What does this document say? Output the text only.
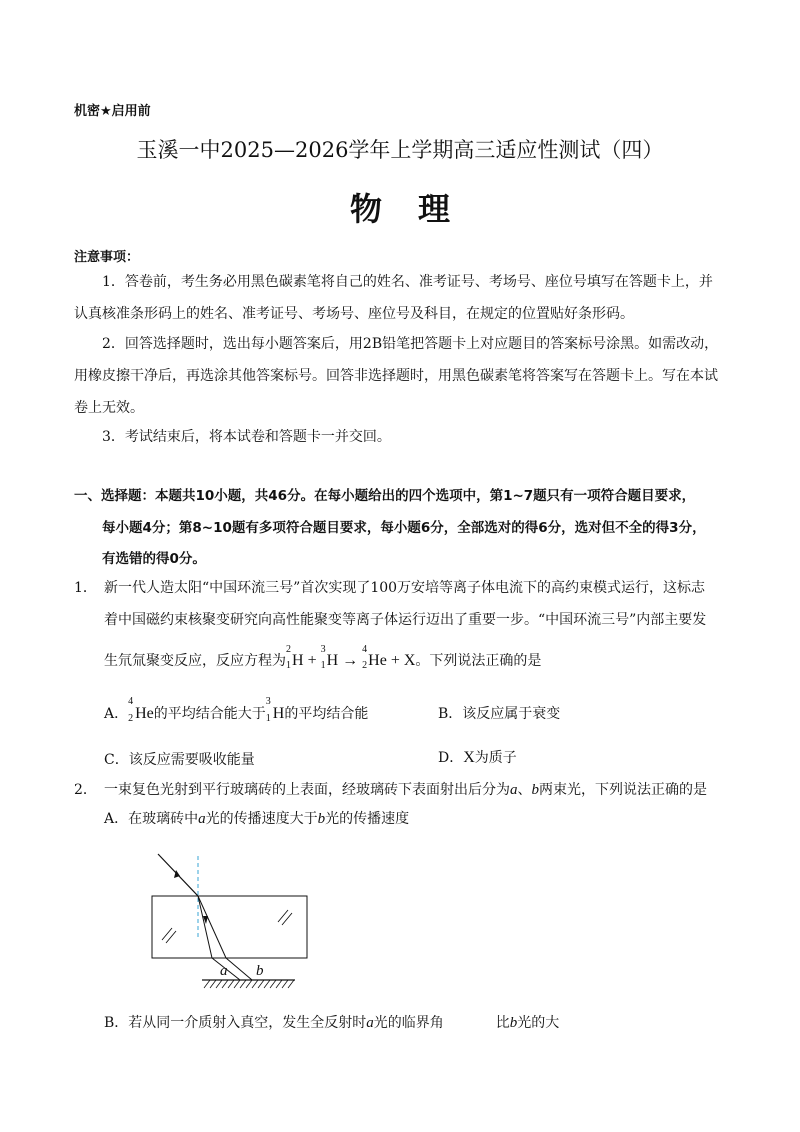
机密★启用前
玉溪一中2025—2026学年上学期高三适应性测试（四）
物理
注意事项：
1．答卷前，考生务必用黑色碳素笔将自己的姓名、准考证号、考场号、座位号填写在答题卡上，并
认真核准条形码上的姓名、准考证号、考场号、座位号及科目，在规定的位置贴好条形码。
2．回答选择题时，选出每小题答案后，用2B铅笔把答题卡上对应题目的答案标号涂黑。如需改动，
用橡皮擦干净后，再选涂其他答案标号。回答非选择题时，用黑色碳素笔将答案写在答题卡上。写在本试
卷上无效。
3．考试结束后，将本试卷和答题卡一并交回。
一、选择题：本题共10小题，共46分。在每小题给出的四个选项中，第1~7题只有一项符合题目要求，
每小题4分；第8~10题有多项符合题目要求，每小题6分，全部选对的得6分，选对但不全的得3分，
有选错的得0分。
1． 新一代人造太阳“中国环流三号”首次实现了100万安培等离子体电流下的高约束模式运行，这标志
着中国磁约束核聚变研究向高性能聚变等离子体运行迈出了重要一步。“中国环流三号”内部主要发
生氘氚聚变反应，反应方程为
2
1 H +
3
1 H →
4
2 He + X。下列说法正确的是
A．
4
2 He的平均结合能大于
3
1 H的平均结合能	B．该反应属于衰变
C．该反应需要吸收能量	D．X为质子
2． 一束复色光射到平行玻璃砖的上表面，经玻璃砖下表面射出后分为a、b两束光，下列说法正确的是
A．在玻璃砖中a光的传播速度大于b光的传播速度
a b
B．若从同一介质射入真空，发生全反射时a光的临界角	比b光的大
